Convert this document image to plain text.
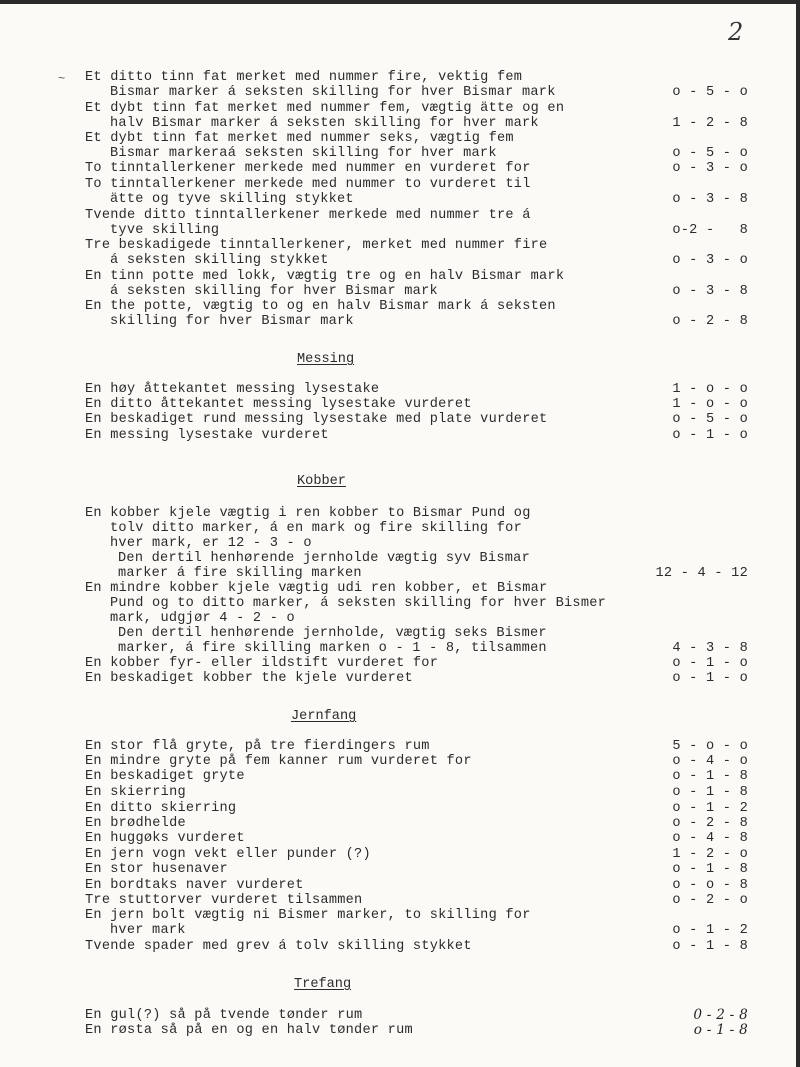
2
~ Et ditto tinn fat merket med nummer fire, vektig fem
Bismar marker á seksten skilling for hver Bismar mark
Et dybt tinn fat merket med nummer fem, vægtig ätte og en
halv Bismar marker á seksten skilling for hver mark
Et dybt tinn fat merket med nummer seks, vægtig fem
Bismar markeraá seksten skilling for hver mark
To tinntallerkener merkede med nummer en vurderet for
To tinntallerkener merkede med nummer to vurderet til
ätte og tyve skilling stykket
Tvende ditto tinntallerkener merkede med nummer tre á
tyve skilling
Tre beskadigede tinntallerkener, merket med nummer fire
á seksten skilling stykket
En tinn potte med lokk, vægtig tre og en halv Bismar mark
á seksten skilling for hver Bismar mark
En the potte, vægtig to og en halv Bismar mark á seksten
skilling for hver Bismar mark
En høy åttekantet messing lysestake
En ditto åttekantet messing lysestake vurderet
En beskadiget rund messing lysestake med plate vurderet
En messing lysestake vurderet
En kobber kjele vægtig i ren kobber to Bismar Pund og
tolv ditto marker, á en mark og fire skilling for
hver mark, er 12 - 3 - o
Den dertil henhørende jernholde vægtig syv Bismar
marker á fire skilling marken
En mindre kobber kjele vægtig udi ren kobber, et Bismar
Pund og to ditto marker, á seksten skilling for hver Bismer
mark, udgjør 4 - 2 - o
Den dertil henhørende jernholde, vægtig seks Bismer
marker, á fire skilling marken o - 1 - 8, tilsammen
En kobber fyr- eller ildstift vurderet for
En beskadiget kobber the kjele vurderet
En stor flå gryte, på tre fierdingers rum
En mindre gryte på fem kanner rum vurderet for
En beskadiget gryte
En skierring
En ditto skierring
En brødhelde
En huggøks vurderet
En jern vogn vekt eller punder (?)
En stor husenaver
En bordtaks naver vurderet
Tre stuttorver vurderet tilsammen
En jern bolt vægtig ni Bismer marker, to skilling for
hver mark
Tvende spader med grev á tolv skilling stykket
En gul(?) så på tvende tønder rum
En røsta så på en og en halv tønder rum
Messing
Kobber
Jernfang
Trefang
o - 5 - o
1 - 2 - 8
o - 5 - o
o - 3 - o
o - 3 - 8
o-2 -   8
o - 3 - o
o - 3 - 8
o - 2 - 8
1 - o - o
1 - o - o
o - 5 - o
o - 1 - o
12 - 4 - 12
4 - 3 - 8
o - 1 - o
o - 1 - o
5 - o - o
o - 4 - o
o - 1 - 8
o - 1 - 8
o - 1 - 2
o - 2 - 8
o - 4 - 8
1 - 2 - o
o - 1 - 8
o - o - 8
o - 2 - o
o - 1 - 2
o - 1 - 8
0 - 2 - 8
o - 1 - 8
